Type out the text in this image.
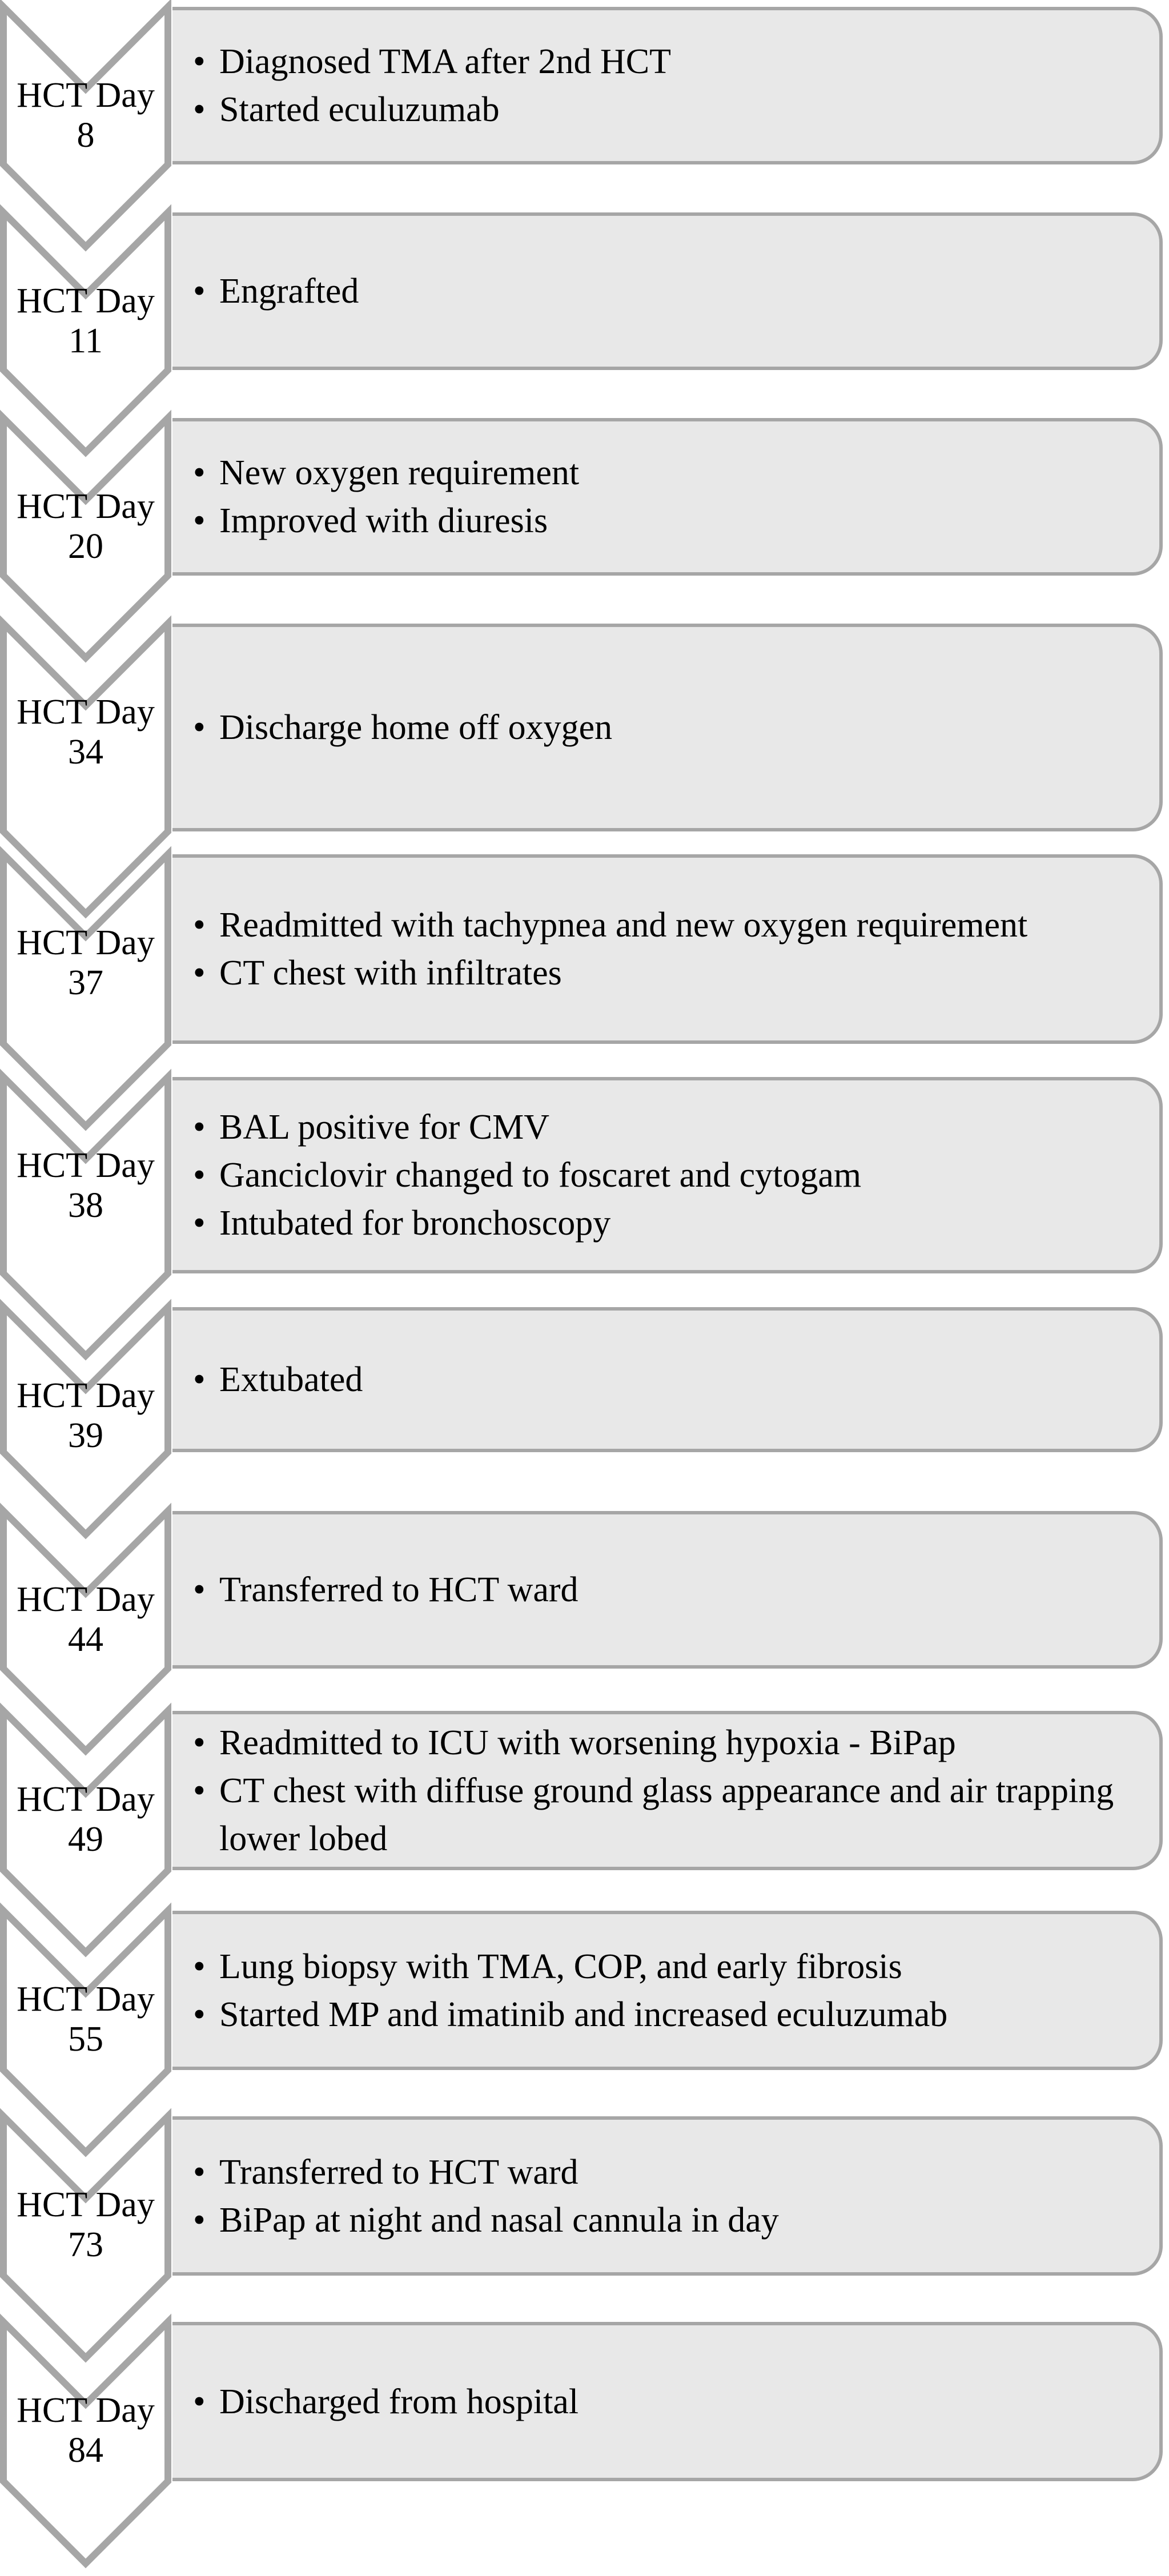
HCT Day
8
• Diagnosed TMA after 2nd HCT
• Started eculuzumab
HCT Day
11
• Engrafted
HCT Day
20
• New oxygen requirement
• Improved with diuresis
HCT Day
34
• Discharge home off oxygen
HCT Day
37
• Readmitted with tachypnea and new oxygen requirement
• CT chest with infiltrates
HCT Day
38
• BAL positive for CMV
• Ganciclovir changed to foscaret and cytogam
• Intubated for bronchoscopy
HCT Day
39
• Extubated
HCT Day
44
• Transferred to HCT ward
HCT Day
49
• Readmitted to ICU with worsening hypoxia - BiPap
• CT chest with diffuse ground glass appearance and air trapping lower lobed
HCT Day
55
• Lung biopsy with TMA, COP, and early fibrosis
• Started MP and imatinib and increased eculuzumab
HCT Day
73
• Transferred to HCT ward
• BiPap at night and nasal cannula in day
HCT Day
84
• Discharged from hospital
